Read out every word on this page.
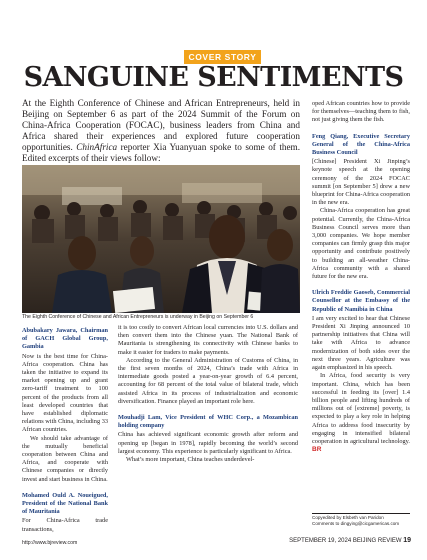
COVER STORY
SANGUINE SENTIMENTS
At the Eighth Conference of Chinese and African Entrepreneurs, held in Beijing on September 6 as part of the 2024 Summit of the Forum on China-Africa Cooperation (FOCAC), business leaders from China and Africa shared their experiences and explored future cooperation opportunities. ChinAfrica reporter Xia Yuanyuan spoke to some of them. Edited excerpts of their views follow:
The Eighth Conference of Chinese and African Entrepreneurs is underway in Beijing on September 6
Abubakary Jawara, Chairman of GACH Global Group, Gambia

Now is the best time for China-Africa cooperation. China has taken the initiative to expand its market opening up and grant zero-tariff treatment to 100 percent of the products from all least developed countries that have established diplomatic relations with China, including 33 African countries.

We should take advantage of the mutually beneficial cooperation between China and Africa, and cooperate with Chinese companies or directly invest and start business in China.

Mohamed Ould A. Noueigued, President of the National Bank of Mauritania

For China-Africa trade transactions,

it is too costly to convert African local currencies into U.S. dollars and then convert them into the Chinese yuan. The National Bank of Mauritania is strengthening its connectivity with Chinese banks to make it easier for traders to make payments.

According to the General Administration of Customs of China, in the first seven months of 2024, China’s trade with Africa in intermediate goods posted a year-on-year growth of 6.4 percent, accounting for 68 percent of the total value of bilateral trade, which assisted Africa in its process of industrialization and economic diversification. Finance played an important role here.

Mouhadji Lam, Vice President of WHC Corp., a Mozambican holding company

China has achieved significant economic growth after reform and opening up [began in 1978], rapidly becoming the world’s second largest economy. This experience is particularly significant to Africa.

What’s more important, China teaches underdevel-

oped African countries how to provide for themselves—teaching them to fish, not just giving them the fish.

Feng Qiang, Executive Secretary General of the China-Africa Business Council

[Chinese] President Xi Jinping’s keynote speech at the opening ceremony of the 2024 FOCAC summit [on September 5] drew a new blueprint for China-Africa cooperation in the new era.

China-Africa cooperation has great potential. Currently, the China-Africa Business Council serves more than 3,000 companies. We hope member companies can firmly grasp this major opportunity and contribute positively to building an all-weather China-Africa community with a shared future for the new era.

Ulrich Freddie Gaoseb, Commercial Counsellor at the Embassy of the Republic of Namibia in China

I am very excited to hear that Chinese President Xi Jinping announced 10 partnership initiatives that China will take with Africa to advance modernization of both sides over the next three years. Agriculture was again emphasized in his speech.

In Africa, food security is very important. China, which has been successful in feeding its [over] 1.4 billion people and lifting hundreds of millions out of [extreme] poverty, is expected to play a key role in helping Africa to address food insecurity by engaging in intensified bilateral cooperation in agricultural technology. BR

Copyedited by Elsbeth van Paridon
Comments to dingying@cicgamericas.com
http://www.bjreview.com	SEPTEMBER 19, 2024 BEIJING REVIEW 19
